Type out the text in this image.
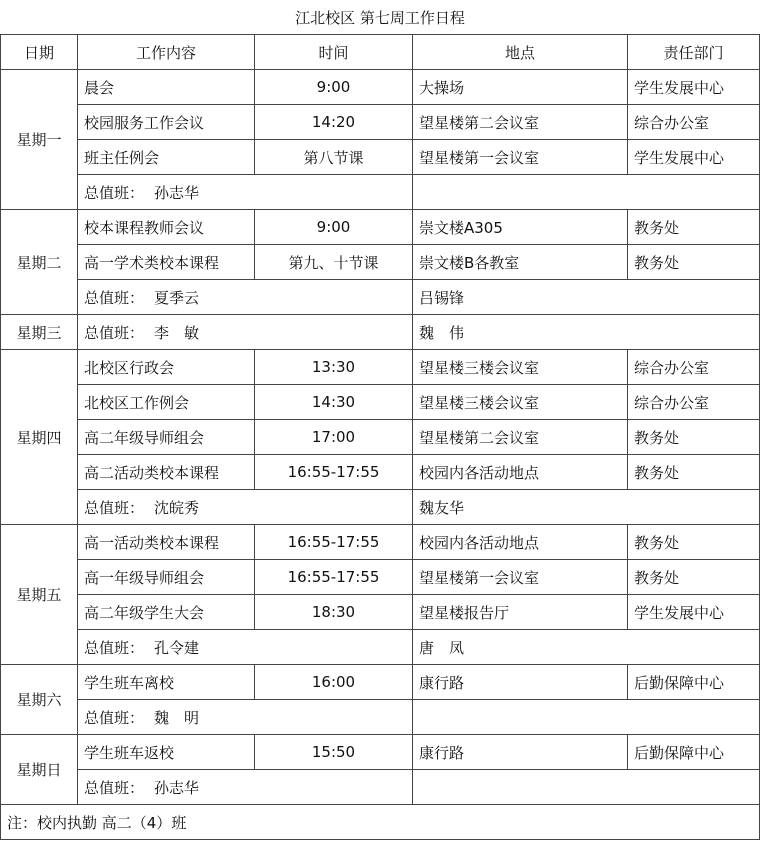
江北校区 第七周工作日程				
日期	工作内容	时间	地点	责任部门
星期一	晨会	9:00	大操场	学生发展中心
	校园服务工作会议	14:20	望星楼第二会议室	综合办公室
	班主任例会	第八节课	望星楼第一会议室	学生发展中心
	总值班： 孙志华			
星期二	校本课程教师会议	9:00	崇文楼A305	教务处
	高一学术类校本课程	第九、十节课	崇文楼B各教室	教务处
	总值班： 夏季云		吕锡锋	
星期三	总值班： 李　敏		魏　伟	
星期四	北校区行政会	13:30	望星楼三楼会议室	综合办公室
	北校区工作例会	14:30	望星楼三楼会议室	综合办公室
	高二年级导师组会	17:00	望星楼第二会议室	教务处
	高二活动类校本课程	16:55-17:55	校园内各活动地点	教务处
	总值班： 沈皖秀		魏友华	
星期五	高一活动类校本课程	16:55-17:55	校园内各活动地点	教务处
	高一年级导师组会	16:55-17:55	望星楼第一会议室	教务处
	高二年级学生大会	18:30	望星楼报告厅	学生发展中心
	总值班： 孔令建		唐　凤	
星期六	学生班车离校	16:00	康行路	后勤保障中心
	总值班： 魏　明			
星期日	学生班车返校	15:50	康行路	后勤保障中心
	总值班： 孙志华			
注：校内执勤 高二（4）班				
